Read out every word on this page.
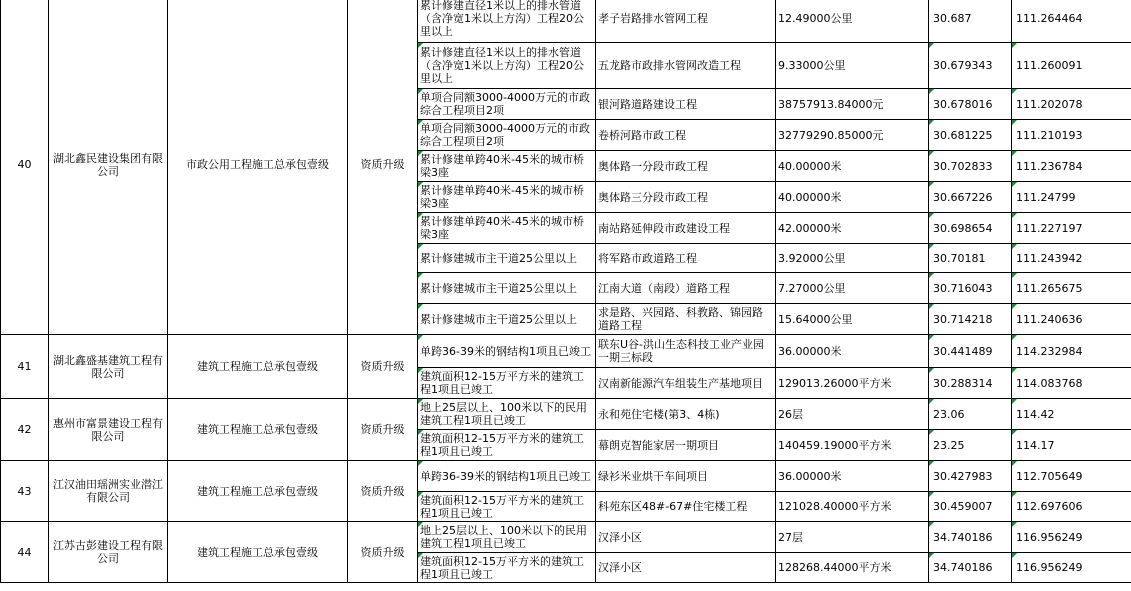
40	湖北鑫民建设集团有限公司	市政公用工程施工总承包壹级	资质升级	累计修建直径1米以上的排水管道（含净宽1米以上方沟）工程20公里以上	孝子岩路排水管网工程	12.49000公里	30.687	111.264464

				累计修建直径1米以上的排水管道（含净宽1米以上方沟）工程20公里以上	五龙路市政排水管网改造工程	9.33000公里	30.679343	111.260091

				单项合同额3000-4000万元的市政综合工程项目2项	银河路道路建设工程	38757913.84000元	30.678016	111.202078

				单项合同额3000-4000万元的市政综合工程项目2项	卷桥河路市政工程	32779290.85000元	30.681225	111.210193

				累计修建单跨40米-45米的城市桥梁3座	奥体路一分段市政工程	40.00000米	30.702833	111.236784

				累计修建单跨40米-45米的城市桥梁3座	奥体路三分段市政工程	40.00000米	30.667226	111.24799

				累计修建单跨40米-45米的城市桥梁3座	南站路延伸段市政建设工程	42.00000米	30.698654	111.227197

				累计修建城市主干道25公里以上	将军路市政道路工程	3.92000公里	30.70181	111.243942

				累计修建城市主干道25公里以上	江南大道（南段）道路工程	7.27000公里	30.716043	111.265675

				累计修建城市主干道25公里以上	求是路、兴园路、科教路、锦园路道路工程	15.64000公里	30.714218	111.240636

41	湖北鑫盛基建筑工程有限公司	建筑工程施工总承包壹级	资质升级	单跨36-39米的钢结构1项且已竣工	联东U谷-洪山生态科技工业产业园一期三标段	36.00000米	30.441489	114.232984

				建筑面积12-15万平方米的建筑工程1项且已竣工	汉南新能源汽车组装生产基地项目	129013.26000平方米	30.288314	114.083768

42	惠州市富景建设工程有限公司	建筑工程施工总承包壹级	资质升级	地上25层以上、100米以下的民用建筑工程1项且已竣工	永和苑住宅楼(第3、4栋)	26层	23.06	114.42

				建筑面积12-15万平方米的建筑工程1项且已竣工	幕朗克智能家居一期项目	140459.19000平方米	23.25	114.17

43	江汉油田瑶洲实业潜江有限公司	建筑工程施工总承包壹级	资质升级	单跨36-39米的钢结构1项且已竣工	绿衫米业烘干车间项目	36.00000米	30.427983	112.705649

				建筑面积12-15万平方米的建筑工程1项且已竣工	科苑东区48#-67#住宅楼工程	121028.40000平方米	30.459007	112.697606

44	江苏古彭建设工程有限公司	建筑工程施工总承包壹级	资质升级	地上25层以上、100米以下的民用建筑工程1项且已竣工	汉泽小区	27层	34.740186	116.956249

				建筑面积12-15万平方米的建筑工程1项且已竣工	汉泽小区	128268.44000平方米	34.740186	116.956249
